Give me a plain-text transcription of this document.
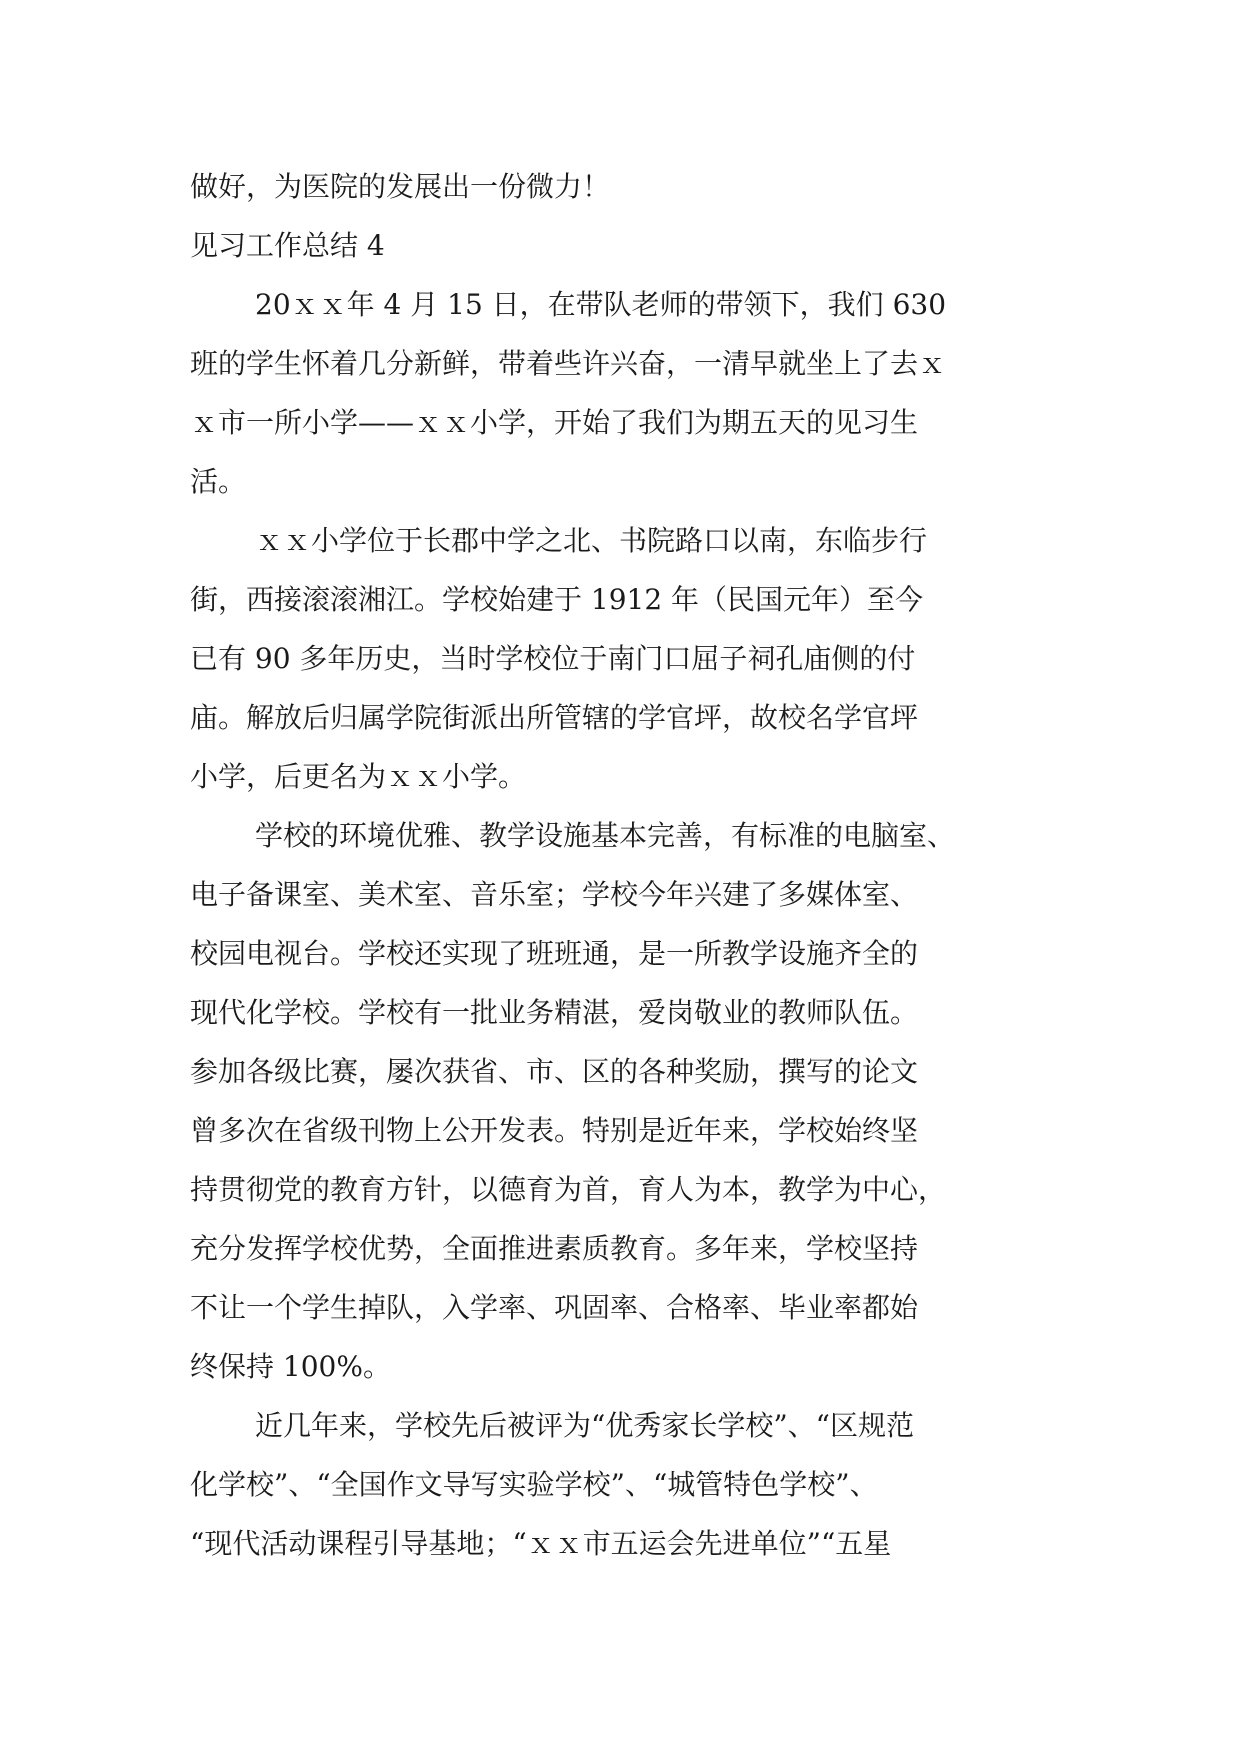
做好，为医院的发展出一份微力！
见习工作总结 4
20ｘｘ年 4 月 15 日，在带队老师的带领下，我们 630
班的学生怀着几分新鲜，带着些许兴奋，一清早就坐上了去ｘ
ｘ市一所小学——ｘｘ小学，开始了我们为期五天的见习生
活。
ｘｘ小学位于长郡中学之北、书院路口以南，东临步行
街，西接滚滚湘江。学校始建于 1912 年（民国元年）至今
已有 90 多年历史，当时学校位于南门口屈子祠孔庙侧的付
庙。解放后归属学院街派出所管辖的学官坪，故校名学官坪
小学，后更名为ｘｘ小学。
学校的环境优雅、教学设施基本完善，有标准的电脑室、
电子备课室、美术室、音乐室；学校今年兴建了多媒体室、
校园电视台。学校还实现了班班通，是一所教学设施齐全的
现代化学校。学校有一批业务精湛，爱岗敬业的教师队伍。
参加各级比赛，屡次获省、市、区的各种奖励，撰写的论文
曾多次在省级刊物上公开发表。特别是近年来，学校始终坚
持贯彻党的教育方针，以德育为首，育人为本，教学为中心，
充分发挥学校优势，全面推进素质教育。多年来，学校坚持
不让一个学生掉队，入学率、巩固率、合格率、毕业率都始
终保持 100%。
近几年来，学校先后被评为“优秀家长学校”、“区规范
化学校”、“全国作文导写实验学校”、“城管特色学校”、
“现代活动课程引导基地；“ｘｘ市五运会先进单位”“五星
